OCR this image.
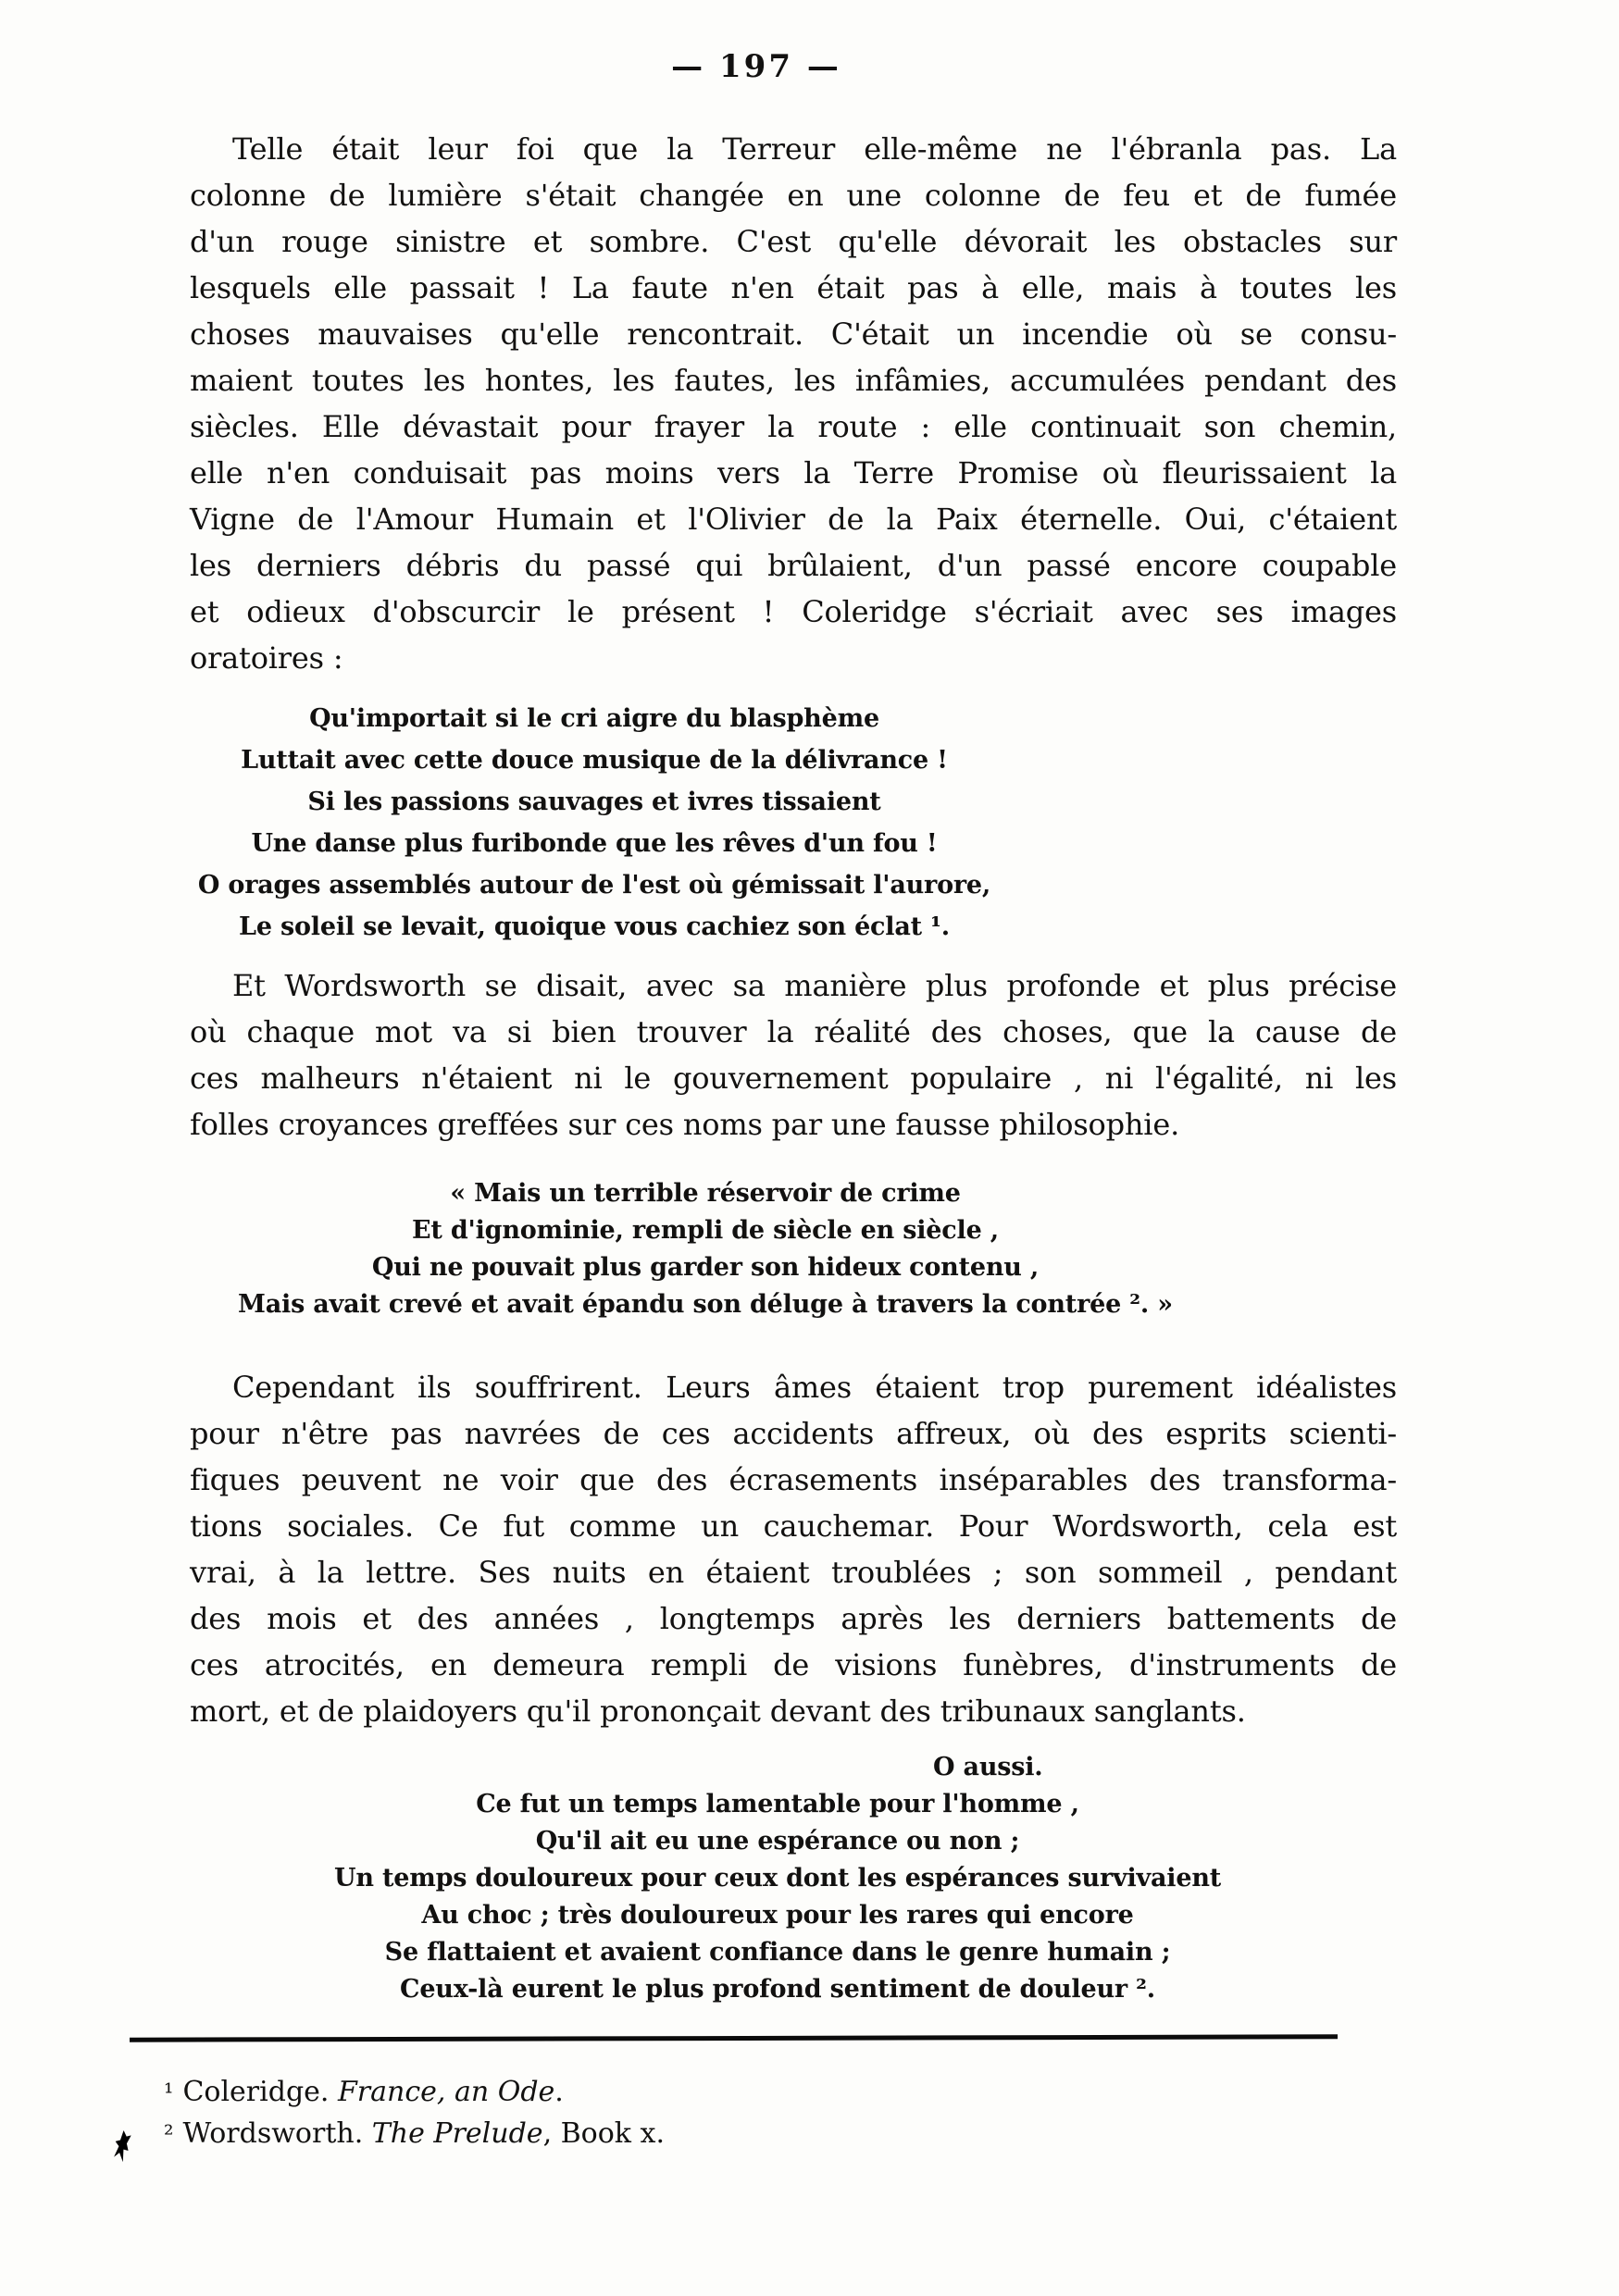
— 197 —
Telle était leur foi que la Terreur elle-même ne l'ébranla pas. La
colonne de lumière s'était changée en une colonne de feu et de fumée
d'un rouge sinistre et sombre. C'est qu'elle dévorait les obstacles sur
lesquels elle passait ! La faute n'en était pas à elle, mais à toutes les
choses mauvaises qu'elle rencontrait. C'était un incendie où se consu-
maient toutes les hontes, les fautes, les infâmies, accumulées pendant des
siècles. Elle dévastait pour frayer la route : elle continuait son chemin,
elle n'en conduisait pas moins vers la Terre Promise où fleurissaient la
Vigne de l'Amour Humain et l'Olivier de la Paix éternelle. Oui, c'étaient
les derniers débris du passé qui brûlaient, d'un passé encore coupable
et odieux d'obscurcir le présent ! Coleridge s'écriait avec ses images
oratoires :
Qu'importait si le cri aigre du blasphème
Luttait avec cette douce musique de la délivrance !
Si les passions sauvages et ivres tissaient
Une danse plus furibonde que les rêves d'un fou !
O orages assemblés autour de l'est où gémissait l'aurore,
Le soleil se levait, quoique vous cachiez son éclat ¹.
Et Wordsworth se disait, avec sa manière plus profonde et plus précise
où chaque mot va si bien trouver la réalité des choses, que la cause de
ces malheurs n'étaient ni le gouvernement populaire , ni l'égalité, ni les
folles croyances greffées sur ces noms par une fausse philosophie.
« Mais un terrible réservoir de crime
Et d'ignominie, rempli de siècle en siècle ,
Qui ne pouvait plus garder son hideux contenu ,
Mais avait crevé et avait épandu son déluge à travers la contrée ². »
Cependant ils souffrirent. Leurs âmes étaient trop purement idéalistes
pour n'être pas navrées de ces accidents affreux, où des esprits scienti-
fiques peuvent ne voir que des écrasements inséparables des transforma-
tions sociales. Ce fut comme un cauchemar. Pour Wordsworth, cela est
vrai, à la lettre. Ses nuits en étaient troublées ; son sommeil , pendant
des mois et des années , longtemps après les derniers battements de
ces atrocités, en demeura rempli de visions funèbres, d'instruments de
mort, et de plaidoyers qu'il prononçait devant des tribunaux sanglants.
O aussi.
Ce fut un temps lamentable pour l'homme ,
Qu'il ait eu une espérance ou non ;
Un temps douloureux pour ceux dont les espérances survivaient
Au choc ; très douloureux pour les rares qui encore
Se flattaient et avaient confiance dans le genre humain ;
Ceux-là eurent le plus profond sentiment de douleur ².
¹ Coleridge. France, an Ode.
² Wordsworth. The Prelude, Book x.
